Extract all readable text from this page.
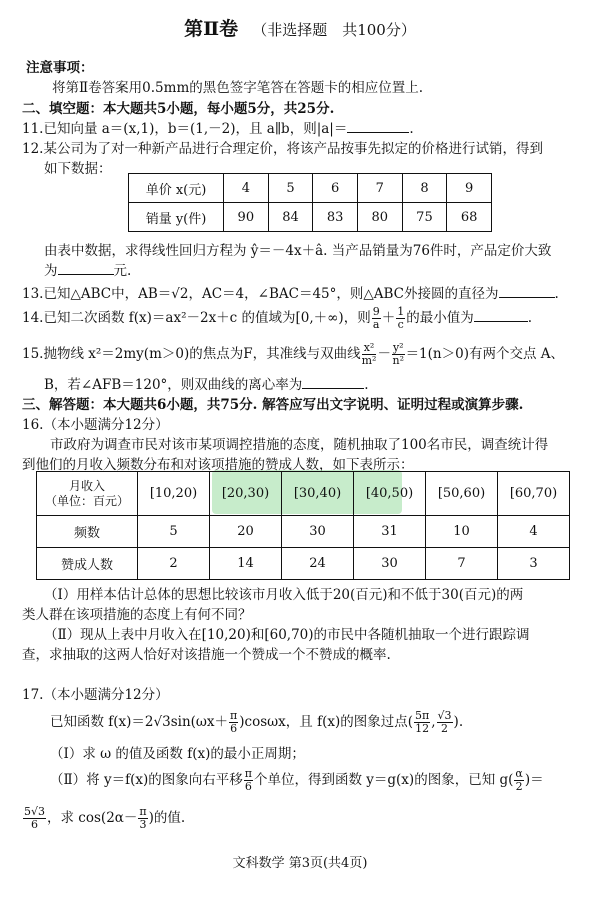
第Ⅱ卷 （非选择题　共100分）
注意事项：
将第Ⅱ卷答案用0.5mm的黑色签字笔答在答题卡的相应位置上.
二、填空题：本大题共5小题，每小题5分，共25分.
11.已知向量 a＝(x,1)，b＝(1,－2)，且 a∥b，则|a|＝	.
12.某公司为了对一种新产品进行合理定价，将该产品按事先拟定的价格进行试销，得到
如下数据：
单价 x(元)	4	5	6	7	8	9
销量 y(件)	90	84	83	80	75	68
由表中数据，求得线性回归方程为 ŷ＝－4x＋â. 当产品销量为76件时，产品定价大致
为	元.
13.已知△ABC中，AB＝√2，AC＝4，∠BAC＝45°，则△ABC外接圆的直径为	.
14.已知二次函数 f(x)＝ax²－2x＋c 的值域为[0,＋∞)，则 $\frac{9}{a} + \frac{1}{c}$ 的最小值为	.
15.抛物线 x²＝2my(m＞0)的焦点为F，其准线与双曲线 $\frac{\text{x²}}{\text{m²}} - \frac{\text{y²}}{\text{n²}} =1(n>0)$有两个交点 A、
B，若∠AFB＝120°，则双曲线的离心率为	.
三、解答题：本大题共6小题，共75分. 解答应写出文字说明、证明过程或演算步骤.
16.（本小题满分12分）
市政府为调查市民对该市某项调控措施的态度，随机抽取了100名市民，调查统计得
到他们的月收入频数分布和对该项措施的赞成人数，如下表所示：
月收入
（单位：百元）	[10,20)	[20,30)	[30,40)	[40,50)	[50,60)	[60,70)
频数	5	20	30	31	10	4
赞成人数	2	14	24	30	7	3
（Ⅰ）用样本估计总体的思想比较该市月收入低于20(百元)和不低于30(百元)的两
类人群在该项措施的态度上有何不同？
（Ⅱ）现从上表中月收入在[10,20)和[60,70)的市民中各随机抽取一个进行跟踪调
查，求抽取的这两人恰好对该措施一个赞成一个不赞成的概率.
17.（本小题满分12分）
已知函数 $f(x)=2√3\sin(\omega x+ \frac{\pi}{6} )\cos\omega x$，且 f(x)的图象过点( $\frac{5\pi}{12}$ , $\frac{√3}{2}$ ).
（Ⅰ）求 ω 的值及函数 f(x)的最小正周期；
（Ⅱ）将 y＝f(x)的图象向右平移 $\frac{\pi}{6}$ 个单位，得到函数 y＝g(x)的图象，已知 $g( \frac{\alpha}{2}$ )＝
$\frac{5√3}{6}$ ，求 $\cos(2\alpha- \frac{\pi}{3}$ )的值.
文科数学 第3页(共4页)
